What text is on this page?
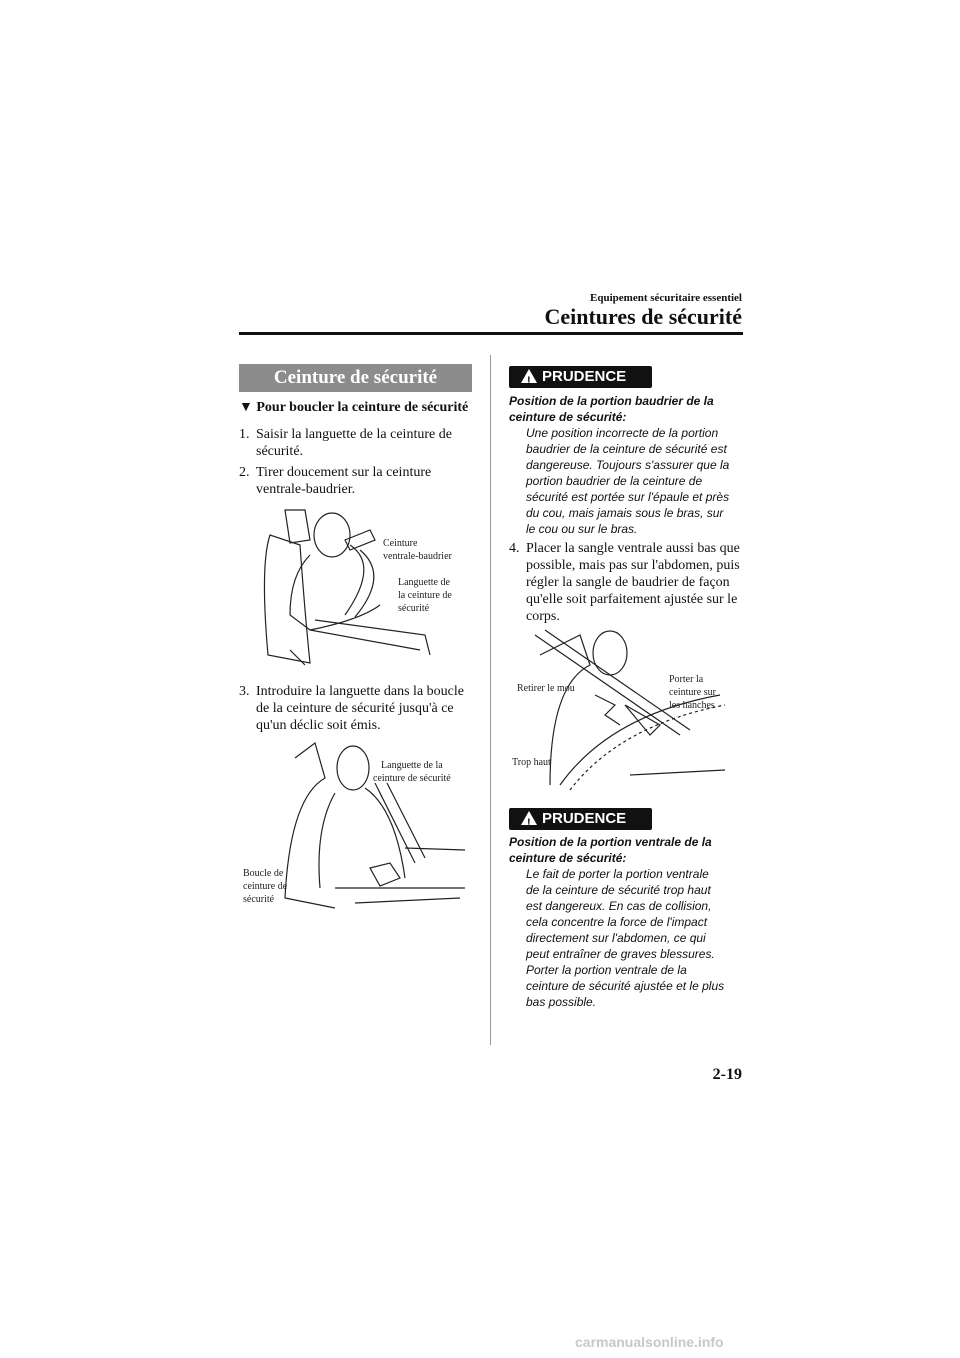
Equipement sécuritaire essentiel
Ceintures de sécurité
Ceinture de sécurité
▼ Pour boucler la ceinture de sécurité
1. Saisir la languette de la ceinture de
sécurité.
2. Tirer doucement sur la ceinture
ventrale-baudrier.
Ceinture
ventrale-baudrier
Languette de
la ceinture de
sécurité
3. Introduire la languette dans la boucle
de la ceinture de sécurité jusqu'à ce
qu'un déclic soit émis.
Languette de la
ceinture de sécurité
Boucle de
ceinture de
sécurité
!PRUDENCE
Position de la portion baudrier de la
ceinture de sécurité:
Une position incorrecte de la portion
baudrier de la ceinture de sécurité est
dangereuse. Toujours s'assurer que la
portion baudrier de la ceinture de
sécurité est portée sur l'épaule et près
du cou, mais jamais sous le bras, sur
le cou ou sur le bras.
4. Placer la sangle ventrale aussi bas que
possible, mais pas sur l'abdomen, puis
régler la sangle de baudrier de façon
qu'elle soit parfaitement ajustée sur le
corps.
Retirer le mou
Porter la
ceinture sur
les hanches
Trop haut
!PRUDENCE
Position de la portion ventrale de la
ceinture de sécurité:
Le fait de porter la portion ventrale
de la ceinture de sécurité trop haut
est dangereux. En cas de collision,
cela concentre la force de l'impact
directement sur l'abdomen, ce qui
peut entraîner de graves blessures.
Porter la portion ventrale de la
ceinture de sécurité ajustée et le plus
bas possible.
2-19
carmanualsonline.info
